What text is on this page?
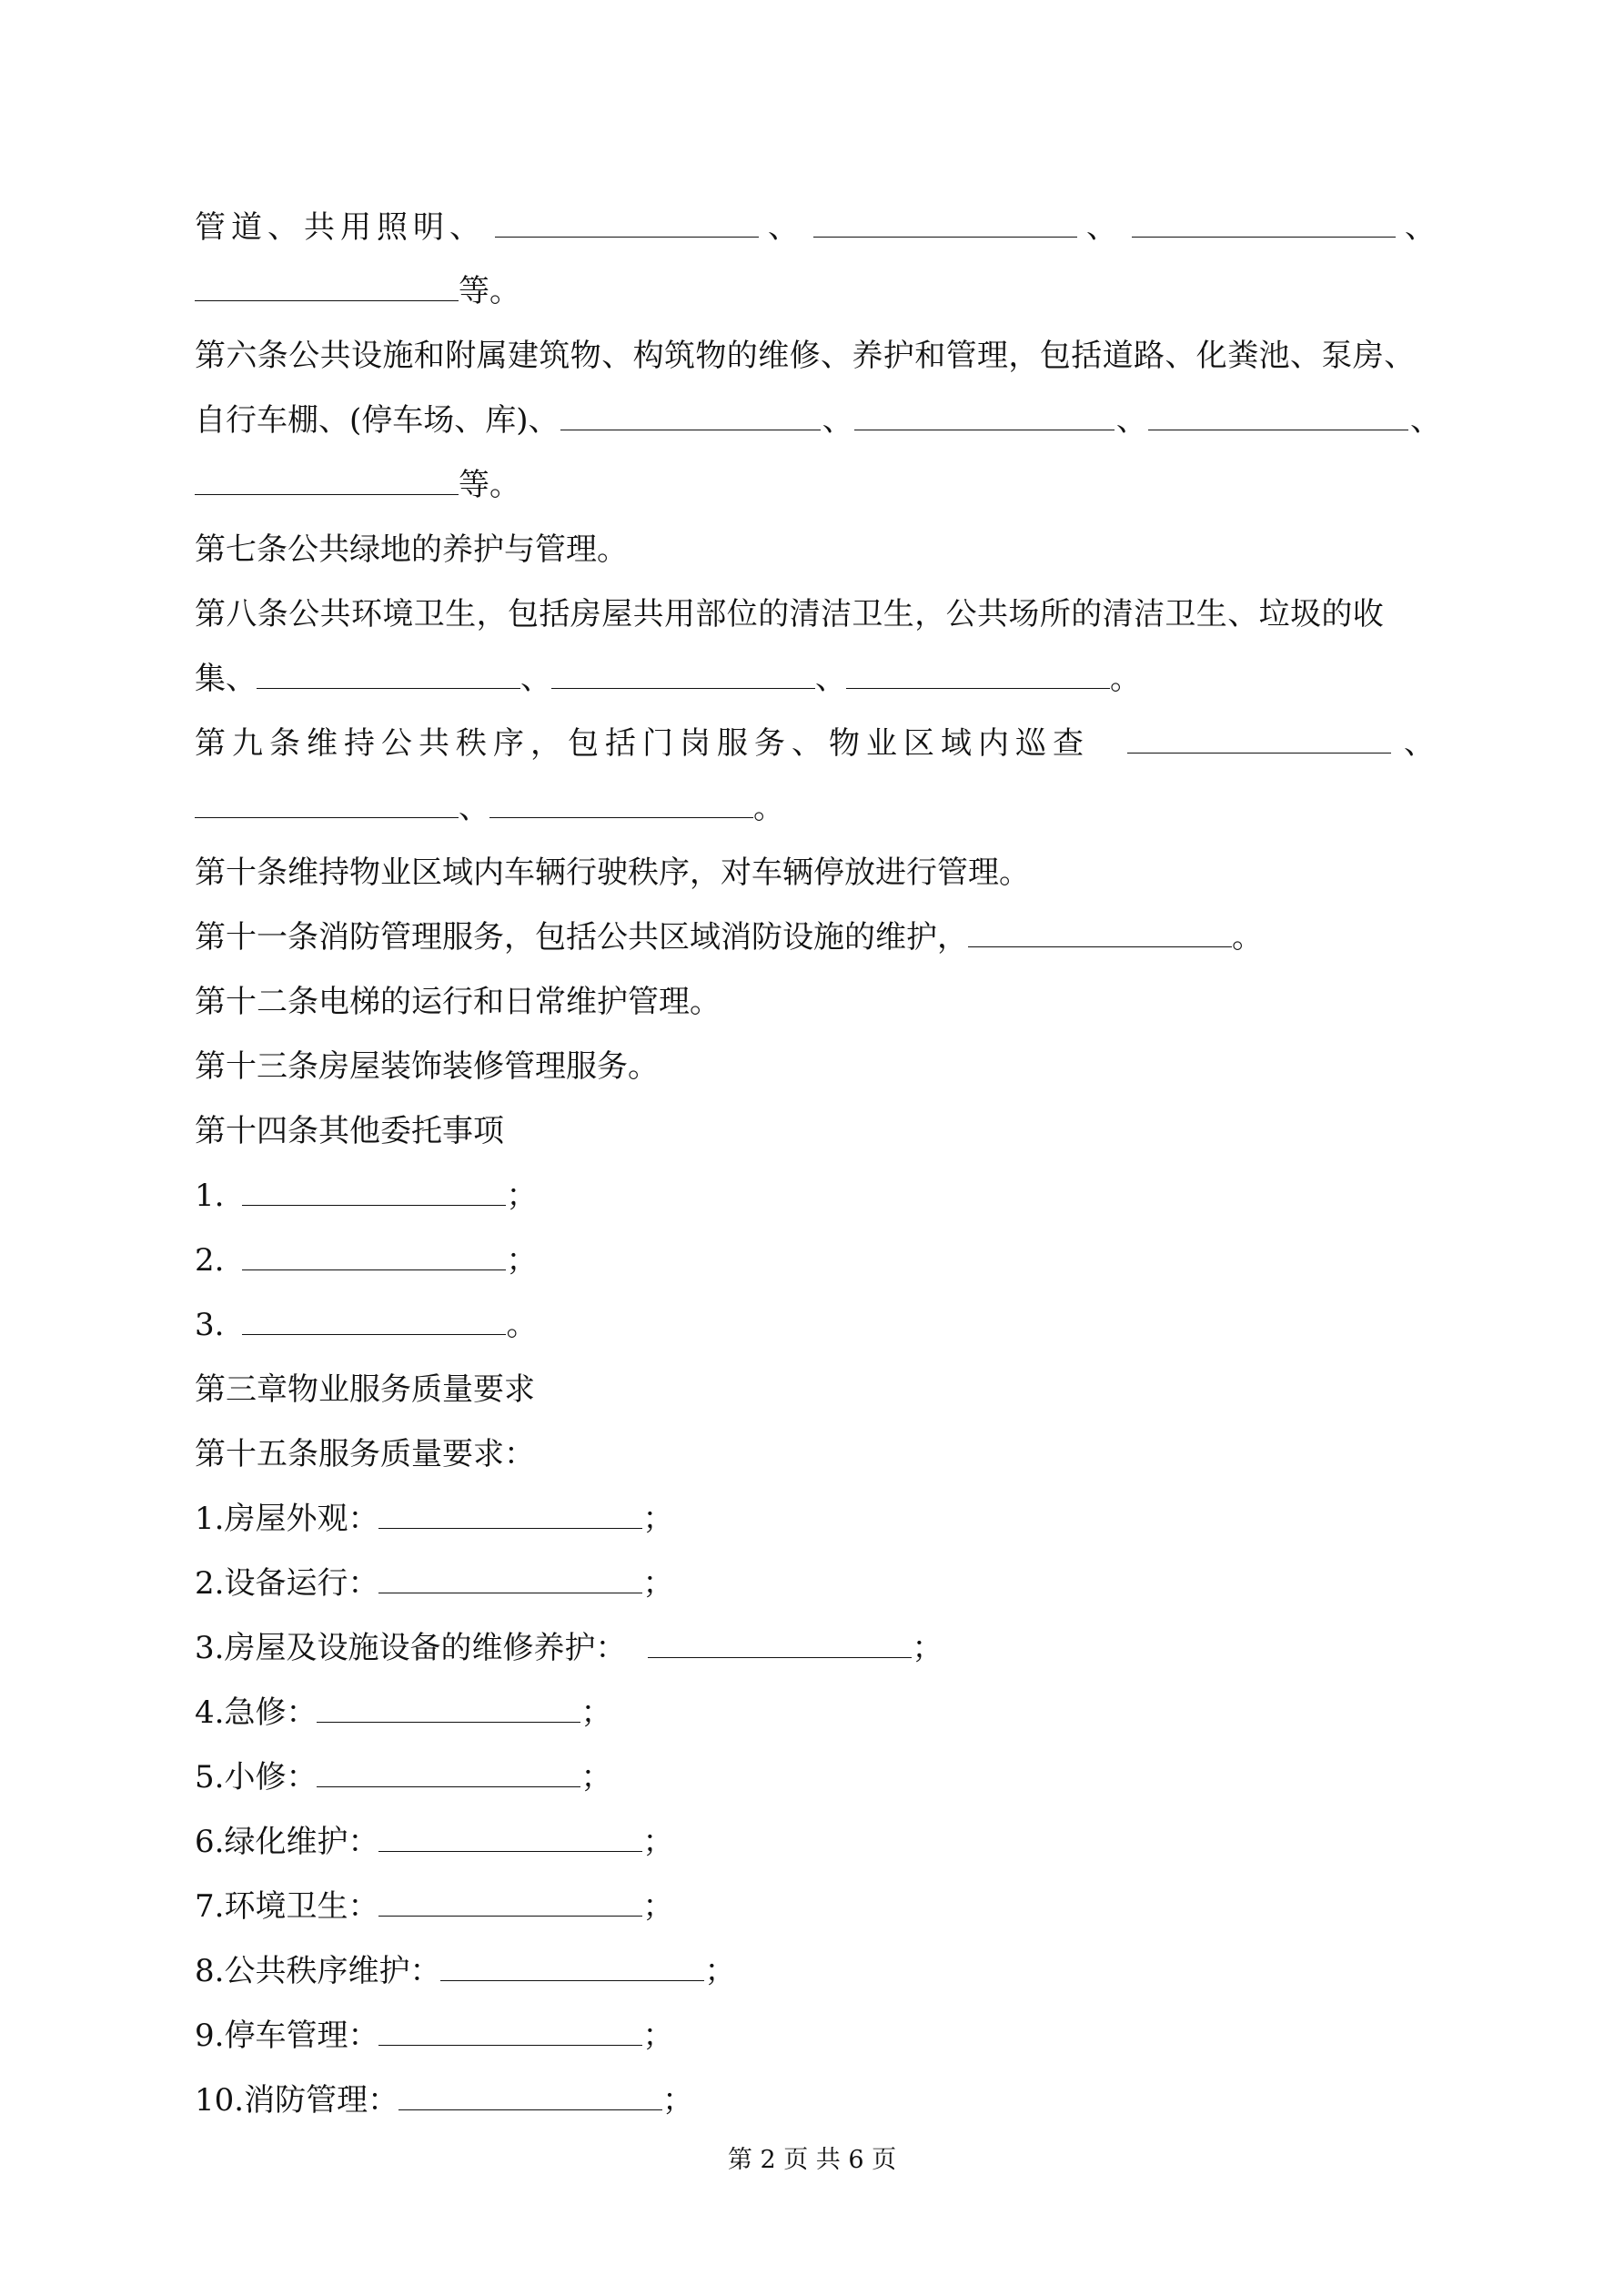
管道、共用照明、	、	、	、
等。
第六条公共设施和附属建筑物、构筑物的维修、养护和管理，包括道路、化粪池、泵房、
自行车棚、(停车场、库)、	、	、	、
等。
第七条公共绿地的养护与管理。
第八条公共环境卫生，包括房屋共用部位的清洁卫生，公共场所的清洁卫生、垃圾的收
集、	、	、	。
第九条维持公共秩序，包括门岗服务、物业区域内巡查	、
、	。
第十条维持物业区域内车辆行驶秩序，对车辆停放进行管理。
第十一条消防管理服务，包括公共区域消防设施的维护，	。
第十二条电梯的运行和日常维护管理。
第十三条房屋装饰装修管理服务。
第十四条其他委托事项
1.	；
2.	；
3.	。
第三章物业服务质量要求
第十五条服务质量要求：
1.房屋外观：	；
2.设备运行：	；
3.房屋及设施设备的维修养护：	；
4.急修：	；
5.小修：	；
6.绿化维护：	；
7.环境卫生：	；
8.公共秩序维护：	；
9.停车管理：	；
10.消防管理：	；
第 2 页 共 6 页
